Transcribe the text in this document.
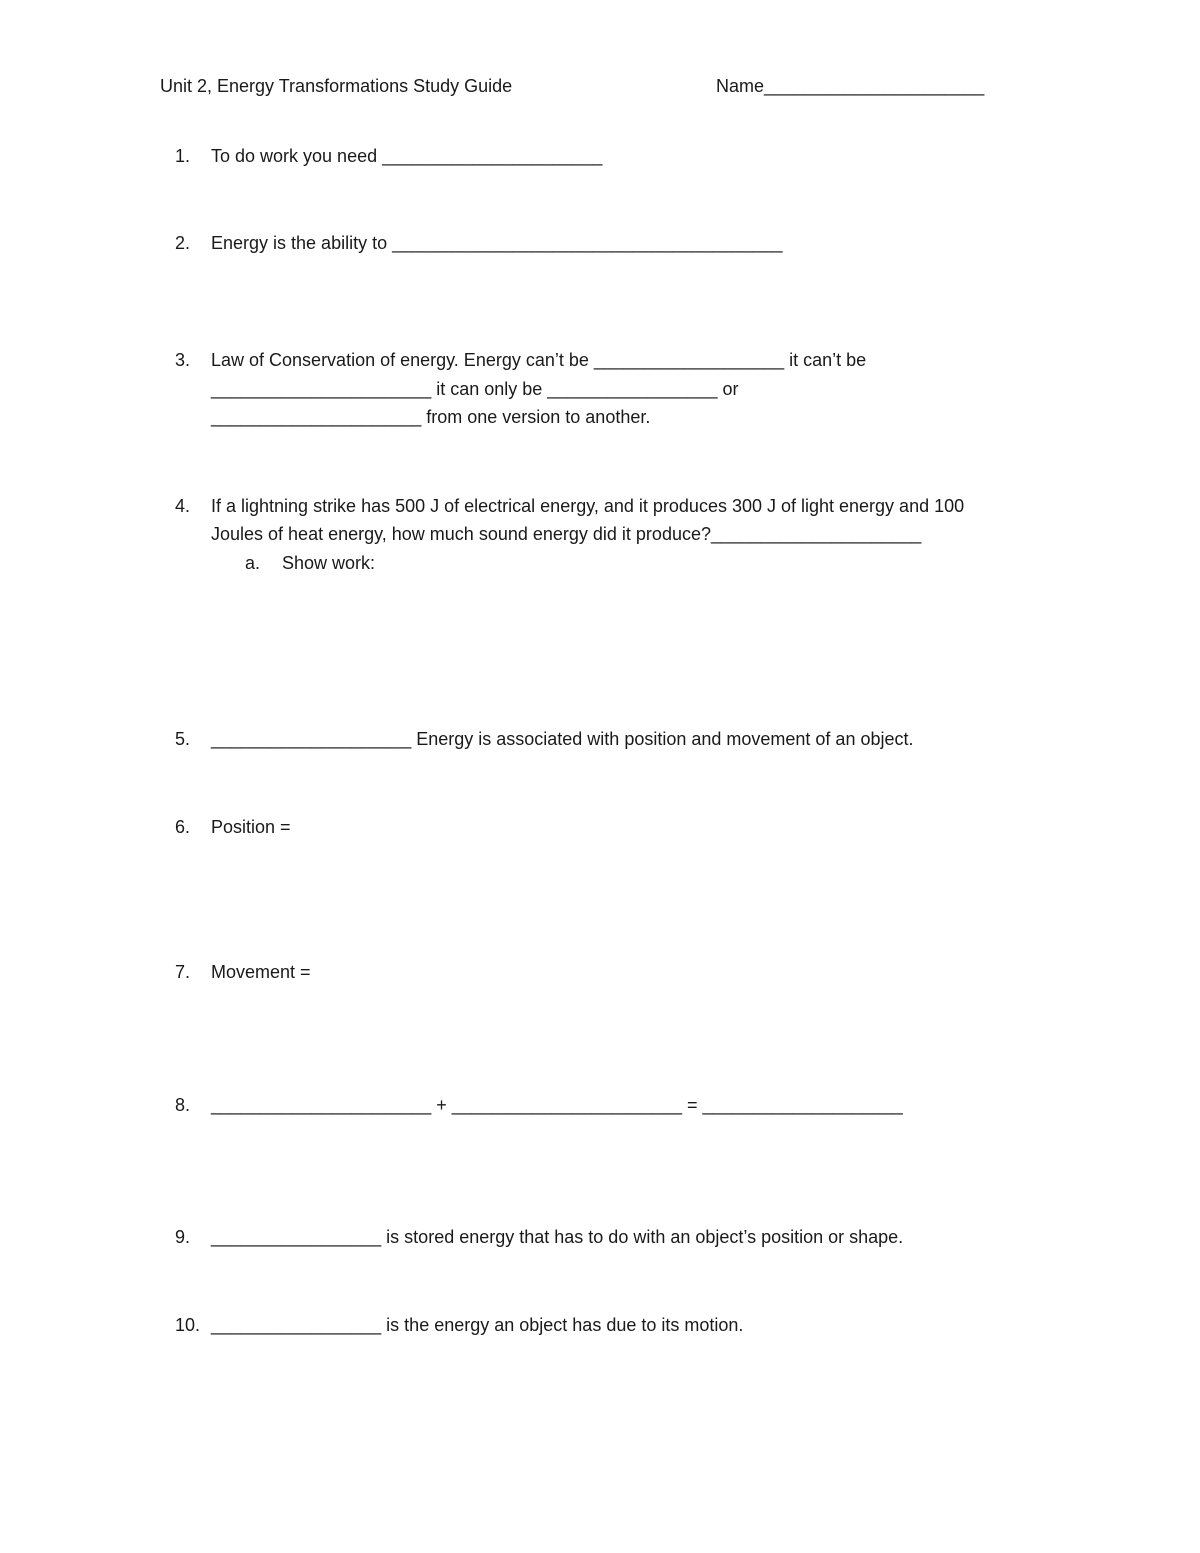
Unit 2, Energy Transformations Study Guide	Name______________________
1. To do work you need ______________________
2. Energy is the ability to _______________________________________
3. Law of Conservation of energy. Energy can’t be ___________________ it can’t be
______________________ it can only be _________________ or
_____________________ from one version to another.
4. If a lightning strike has 500 J of electrical energy, and it produces 300 J of light energy and 100
Joules of heat energy, how much sound energy did it produce?_____________________
a. Show work:
5. ____________________ Energy is associated with position and movement of an object.
6. Position =
7. Movement =
8. ______________________ + _______________________ = ____________________
9. _________________ is stored energy that has to do with an object’s position or shape.
10. _________________ is the energy an object has due to its motion.
